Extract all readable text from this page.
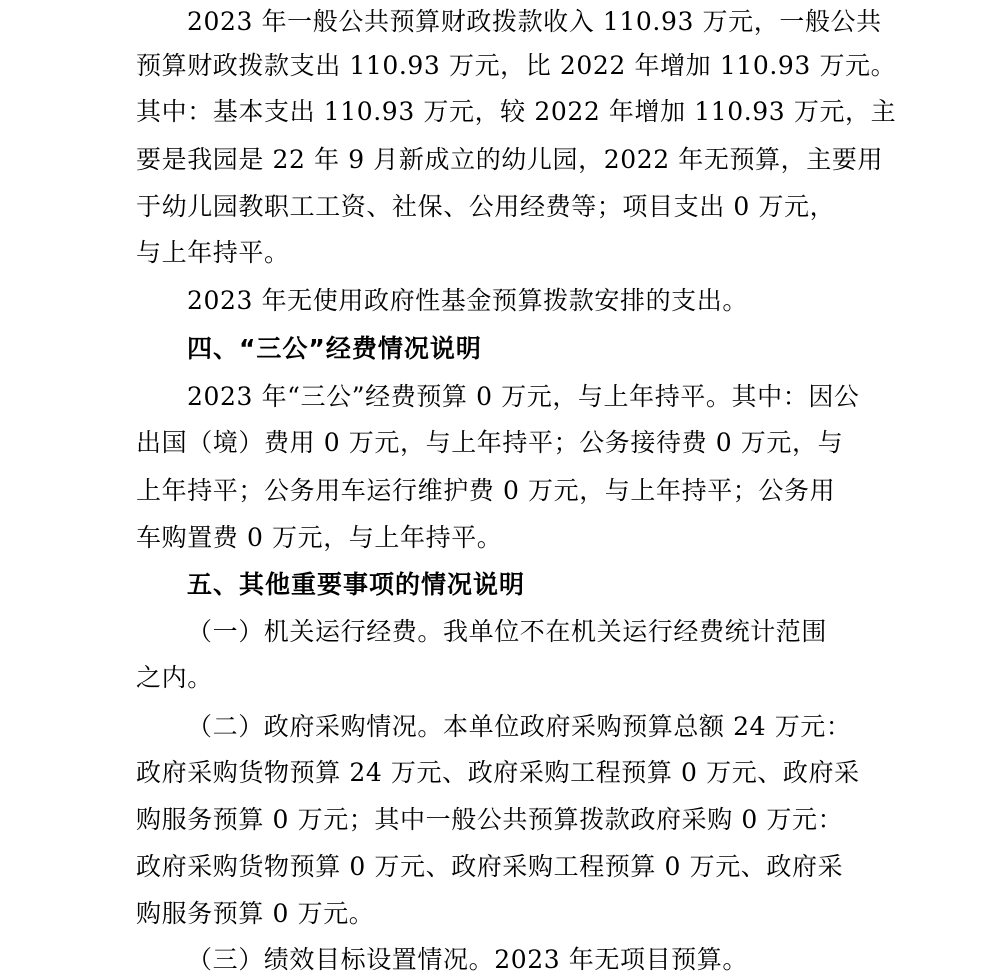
2023 年一般公共预算财政拨款收入 110.93 万元，一般公共
预算财政拨款支出 110.93 万元，比 2022 年增加 110.93 万元。
其中：基本支出 110.93 万元，较 2022 年增加 110.93 万元，主
要是我园是 22 年 9 月新成立的幼儿园，2022 年无预算，主要用
于幼儿园教职工工资、社保、公用经费等；项目支出 0 万元，
与上年持平。
2023 年无使用政府性基金预算拨款安排的支出。
四、“三公”经费情况说明
2023 年“三公”经费预算 0 万元，与上年持平。其中：因公
出国（境）费用 0 万元，与上年持平；公务接待费 0 万元，与
上年持平；公务用车运行维护费 0 万元，与上年持平；公务用
车购置费 0 万元，与上年持平。
五、其他重要事项的情况说明
（一）机关运行经费。我单位不在机关运行经费统计范围
之内。
（二）政府采购情况。本单位政府采购预算总额 24 万元：
政府采购货物预算 24 万元、政府采购工程预算 0 万元、政府采
购服务预算 0 万元；其中一般公共预算拨款政府采购 0 万元：
政府采购货物预算 0 万元、政府采购工程预算 0 万元、政府采
购服务预算 0 万元。
（三）绩效目标设置情况。2023 年无项目预算。
